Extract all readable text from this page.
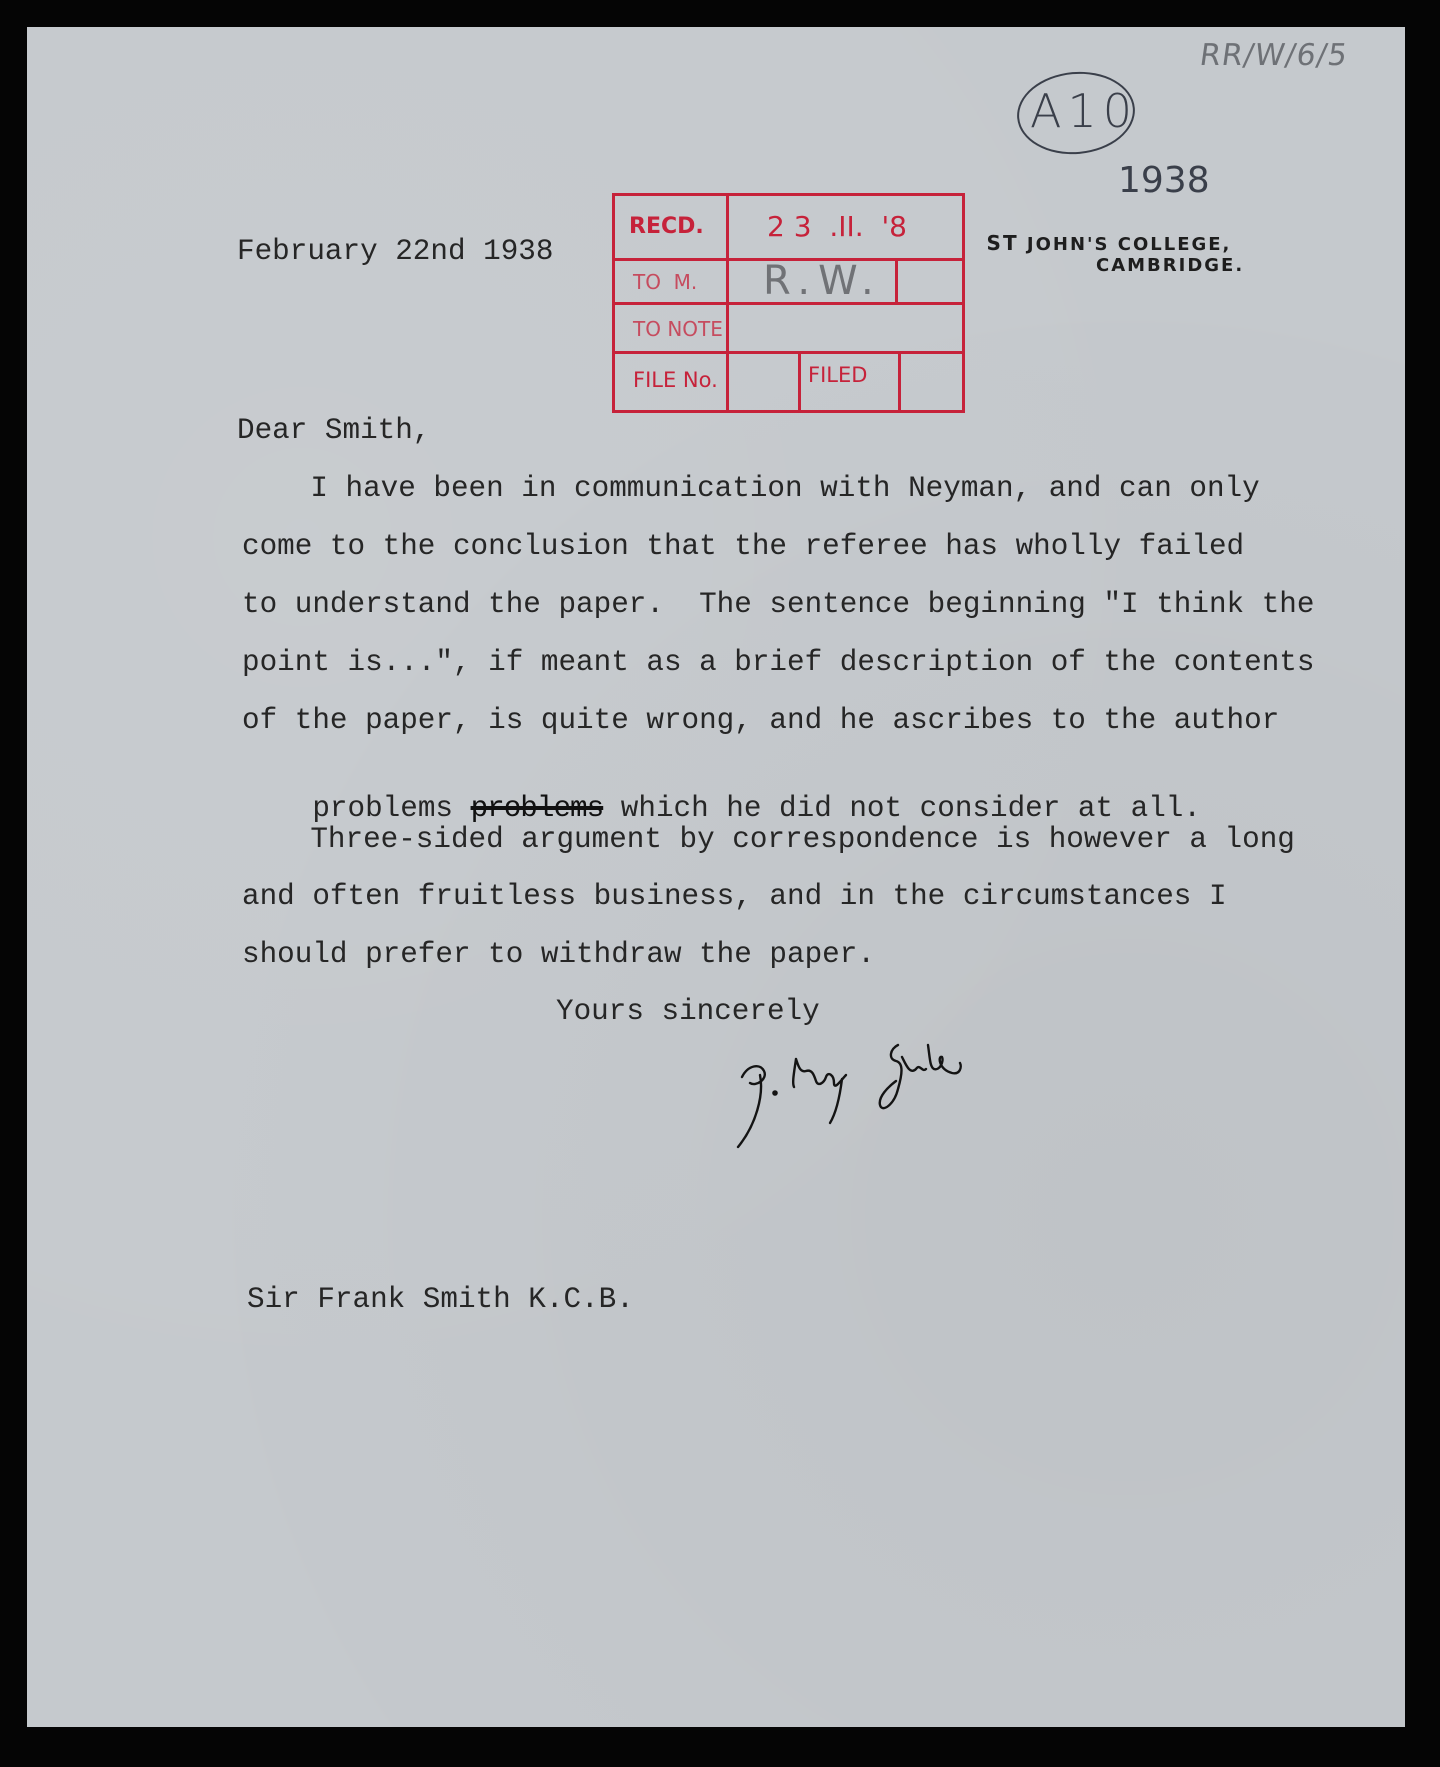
RR/W/6/5
A10
1938

ST JOHN'S COLLEGE,

CAMBRIDGE.
February 22nd 1938
RECD. 2 3  .II.  '8
TO  M.
TO NOTE
FILE No.	FILED
R.W.
Dear Smith,
I have been in communication with Neyman, and can only
come to the conclusion that the referee has wholly failed
to understand the paper.  The sentence beginning "I think the
point is...", if meant as a brief description of the contents
of the paper, is quite wrong, and he ascribes to the author

problems problems which he did not consider at all.

Three-sided argument by correspondence is however a long
and often fruitless business, and in the circumstances I
should prefer to withdraw the paper.
Yours sincerely
Sir Frank Smith K.C.B.
